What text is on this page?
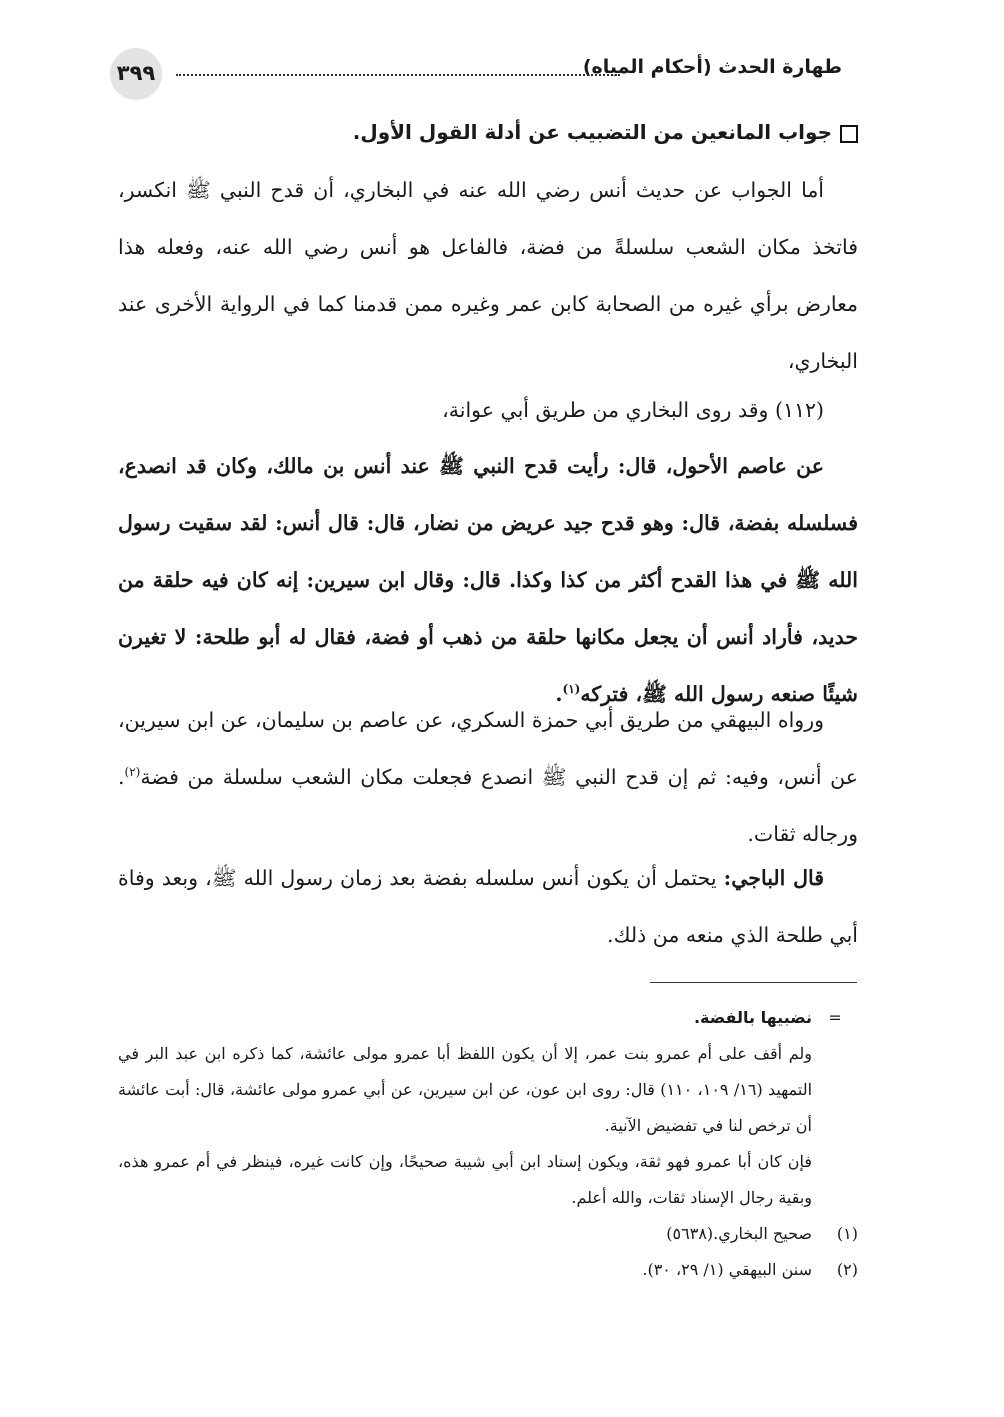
٣٩٩	طهارة الحدث (أحكام المياه)
جواب المانعين من التضبيب عن أدلة القول الأول.

أما الجواب عن حديث أنس رضي الله عنه في البخاري، أن قدح النبي ﷺ انكسر، فاتخذ مكان الشعب سلسلةً من فضة، فالفاعل هو أنس رضي الله عنه، وفعله هذا معارض برأي غيره من الصحابة كابن عمر وغيره ممن قدمنا كما في الرواية الأخرى عند البخاري،

(١١٢) وقد روى البخاري من طريق أبي عوانة،

عن عاصم الأحول، قال: رأيت قدح النبي ﷺ عند أنس بن مالك، وكان قد انصدع، فسلسله بفضة، قال: وهو قدح جيد عريض من نضار، قال: قال أنس: لقد سقيت رسول الله ﷺ في هذا القدح أكثر من كذا وكذا. قال: وقال ابن سيرين: إنه كان فيه حلقة من حديد، فأراد أنس أن يجعل مكانها حلقة من ذهب أو فضة، فقال له أبو طلحة: لا تغيرن شيئًا صنعه رسول الله ﷺ، فتركه$^{(١)}$.

ورواه البيهقي من طريق أبي حمزة السكري، عن عاصم بن سليمان، عن ابن سيرين، عن أنس، وفيه: ثم إن قدح النبي ﷺ انصدع فجعلت مكان الشعب سلسلة من فضة$^{(٢)}$. ورجاله ثقات.

قال الباجي: يحتمل أن يكون أنس سلسله بفضة بعد زمان رسول الله ﷺ، وبعد وفاة أبي طلحة الذي منعه من ذلك.

=نضبيها بالفضة.

ولم أقف على أم عمرو بنت عمر، إلا أن يكون اللفظ أبا عمرو مولى عائشة، كما ذكره ابن عبد البر في التمهيد (١٦/ ١٠٩، ١١٠) قال: روى ابن عون، عن ابن سيرين، عن أبي عمرو مولى عائشة، قال: أبت عائشة أن ترخص لنا في تفضيض الآنية.

فإن كان أبا عمرو فهو ثقة، ويكون إسناد ابن أبي شيبة صحيحًا، وإن كانت غيره، فينظر في أم عمرو هذه، وبقية رجال الإسناد ثقات، والله أعلم.

(١)صحيح البخاري.(٥٦٣٨)

(٢)سنن البيهقي (١/ ٢٩، ٣٠).
